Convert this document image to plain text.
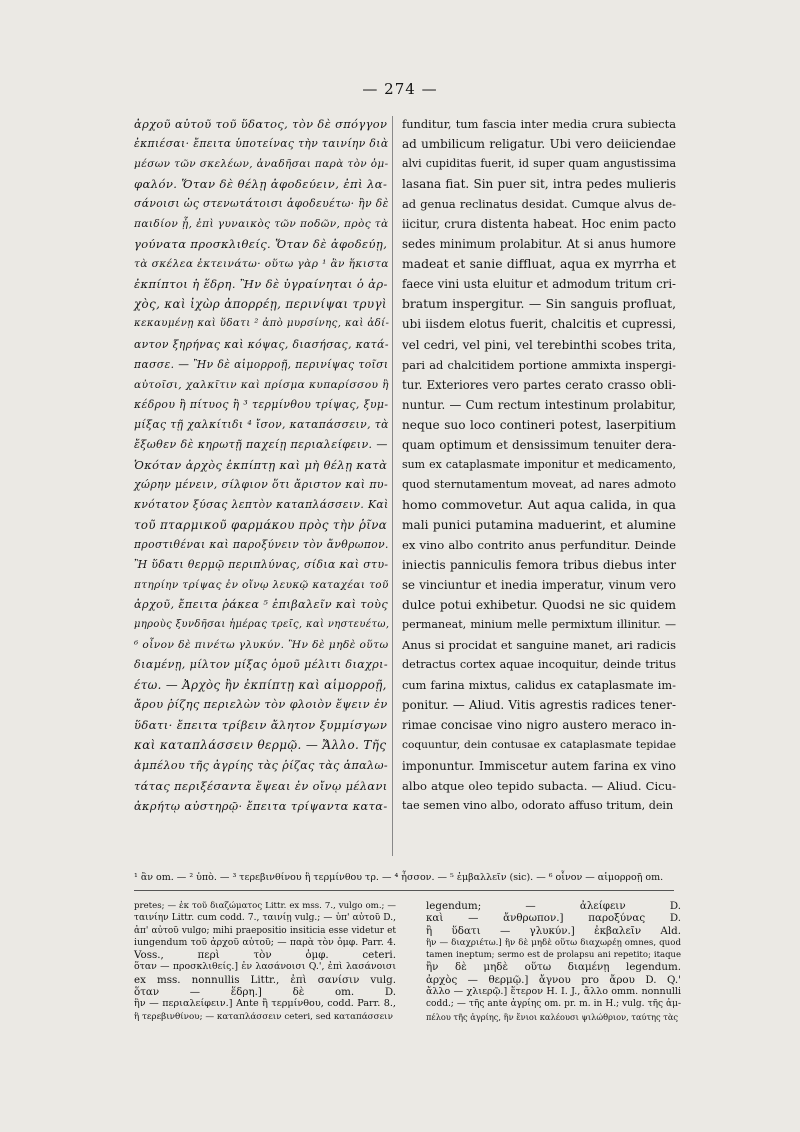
— 274 —
ἀρχοῦ αὐτοῦ τοῦ ὕδατος, τὸν δὲ σπόγγον
ἐκπιέσαι· ἔπειτα ὑποτείνας τὴν ταινίην διὰ
μέσων τῶν σκελέων, ἀναδῆσαι παρὰ τὸν ὀμ-
φαλόν. Ὅταν δὲ θέλῃ ἀφοδεύειν, ἐπὶ λα-
σάνοισι ὡς στενωτάτοισι ἀφοδευέτω· ἢν δὲ
παιδίον ᾖ, ἐπὶ γυναικὸς τῶν ποδῶν, πρὸς τὰ
γούνατα προσκλιθείς. Ὅταν δὲ ἀφοδεύῃ,
τὰ σκέλεα ἐκτεινάτω· οὕτω γὰρ ¹ ἂν ἥκιστα
ἐκπίπτοι ἡ ἕδρη. Ἢν δὲ ὑγραίνηται ὁ ἀρ-
χὸς, καὶ ἰχὼρ ἀπορρέῃ, περινίψαι τρυγὶ
κεκαυμένῃ καὶ ὕδατι ² ἀπὸ μυρσίνης, καὶ ἀδί-
αντον ξηρήνας καὶ κόψας, διασήσας, κατά-
πασσε. — Ἢν δὲ αἱμορροῇ, περινίψας τοῖσι
αὐτοῖσι, χαλκῖτιν καὶ πρίσμα κυπαρίσσου ἢ
κέδρου ἢ πίτυος ἢ ³ τερμίνθου τρίψας, ξυμ-
μίξας τῇ χαλκίτιδι ⁴ ἴσον, καταπάσσειν, τὰ
ἔξωθεν δὲ κηρωτῇ παχείῃ περιαλείφειν. —
Ὁκόταν ἀρχὸς ἐκπίπτῃ καὶ μὴ θέλῃ κατὰ
χώρην μένειν, σίλφιον ὅτι ἄριστον καὶ πυ-
κνότατον ξύσας λεπτὸν καταπλάσσειν. Καὶ
τοῦ πταρμικοῦ φαρμάκου πρὸς τὴν ῥῖνα
προστιθέναι καὶ παροξύνειν τὸν ἄνθρωπον.
Ἢ ὕδατι θερμῷ περιπλύνας, σίδια καὶ στυ-
πτηρίην τρίψας ἐν οἴνῳ λευκῷ καταχέαι τοῦ
ἀρχοῦ, ἔπειτα ῥάκεα ⁵ ἐπιβαλεῖν καὶ τοὺς
μηροὺς ξυνδῆσαι ἡμέρας τρεῖς, καὶ νηστευέτω,
⁶ οἶνον δὲ πινέτω γλυκύν. Ἢν δὲ μηδὲ οὕτω
διαμένῃ, μίλτον μίξας ὁμοῦ μέλιτι διαχρι-
έτω. — Ἀρχὸς ἢν ἐκπίπτῃ καὶ αἱμορροῇ,
ἄρου ῥίζης περιελὼν τὸν φλοιὸν ἕψειν ἐν
ὕδατι· ἔπειτα τρίβειν ἄλητον ξυμμίσγων
καὶ καταπλάσσειν θερμῷ. — Ἄλλο. Τῆς
ἀμπέλου τῆς ἀγρίης τὰς ῥίζας τὰς ἁπαλω-
τάτας περιξέσαντα ἕψεαι ἐν οἴνῳ μέλανι
ἀκρήτῳ αὐστηρῷ· ἔπειτα τρίψαντα κατα-
funditur, tum fascia inter media crura subiecta
ad umbilicum religatur. Ubi vero deiiciendae
alvi cupiditas fuerit, id super quam angustissima
lasana fiat. Sin puer sit, intra pedes mulieris
ad genua reclinatus desidat. Cumque alvus de-
iicitur, crura distenta habeat. Hoc enim pacto
sedes minimum prolabitur. At si anus humore
madeat et sanie diffluat, aqua ex myrrha et
faece vini usta eluitur et admodum tritum cri-
bratum inspergitur. — Sin sanguis profluat,
ubi iisdem elotus fuerit, chalcitis et cupressi,
vel cedri, vel pini, vel terebinthi scobes trita,
pari ad chalcitidem portione ammixta inspergi-
tur. Exteriores vero partes cerato crasso obli-
nuntur. — Cum rectum intestinum prolabitur,
neque suo loco contineri potest, laserpitium
quam optimum et densissimum tenuiter dera-
sum ex cataplasmate imponitur et medicamento,
quod sternutamentum moveat, ad nares admoto
homo commovetur. Aut aqua calida, in qua
mali punici putamina maduerint, et alumine
ex vino albo contrito anus perfunditur. Deinde
iniectis panniculis femora tribus diebus inter
se vinciuntur et inedia imperatur, vinum vero
dulce potui exhibetur. Quodsi ne sic quidem
permaneat, minium melle permixtum illinitur. —
Anus si procidat et sanguine manet, ari radicis
detractus cortex aquae incoquitur, deinde tritus
cum farina mixtus, calidus ex cataplasmate im-
ponitur. — Aliud. Vitis agrestis radices tener-
rimae concisae vino nigro austero meraco in-
coquuntur, dein contusae ex cataplasmate tepidae
imponuntur. Immiscetur autem farina ex vino
albo atque oleo tepido subacta. — Aliud. Cicu-
tae semen vino albo, odorato affuso tritum, dein
¹ ἂν om. — ² ὑπὸ. — ³ τερεβινθίνου ἢ τερμίνθου τρ. — ⁴ ἧσσον. — ⁵ ἐμβαλλεῖν (sic). — ⁶ οἶνον — αἱμορροῇ om.
pretes; — ἐκ τοῦ διαζώματος Littr. ex mss. 7., vulgo om.; —
ταινίην Littr. cum codd. 7., ταινίῃ vulg.; — ὑπ' αὐτοῦ D.,
ἀπ' αὐτοῦ vulgo; mihi praepositio insiticia esse videtur et
iungendum τοῦ ἀρχοῦ αὐτοῦ; — παρὰ τὸν ὀμφ. Parr. 4.
Voss., περὶ τὸν ὀμφ. ceteri.
ὅταν — προσκλιθείς.] ἐν λασάνοισι Q.', ἐπὶ λασάνοισι
ex mss. nonnullis Littr., ἐπὶ σανίσιν vulg.
ὅταν — ἕδρη.] δὲ om. D.
ἢν — περιαλείφειν.] Ante ἢ τερμίνθου, codd. Parr. 8.,
ἢ τερεβινθίνου; — καταπλάσσειν ceteri, sed καταπάσσειν
legendum; — ἀλείφειν D.
καὶ — ἄνθρωπον.] παροξύνας D.
ἢ ὕδατι — γλυκύν.] ἐκβαλεῖν Ald.
ἢν — διαχριέτω.] ἢν δὲ μηδὲ οὕτω διαχωρέῃ omnes, quod
tamen ineptum; sermo est de prolapsu ani repetito; itaque
ἢν δὲ μηδὲ οὕτω διαμένῃ legendum.
ἀρχὸς — θερμῷ.] ἄγνου pro ἄρου D. Q.'
ἄλλο — χλιερῷ.] ἕτερον H. I. J., ἄλλο omm. nonnulli
codd.; — τῆς ante ἀγρίης om. pr. m. in H.; vulg. τῆς ἀμ-
πέλου τῆς ἀγρίης, ἣν ἔνιοι καλέουσι ψιλώθριον, ταύτης τὰς
